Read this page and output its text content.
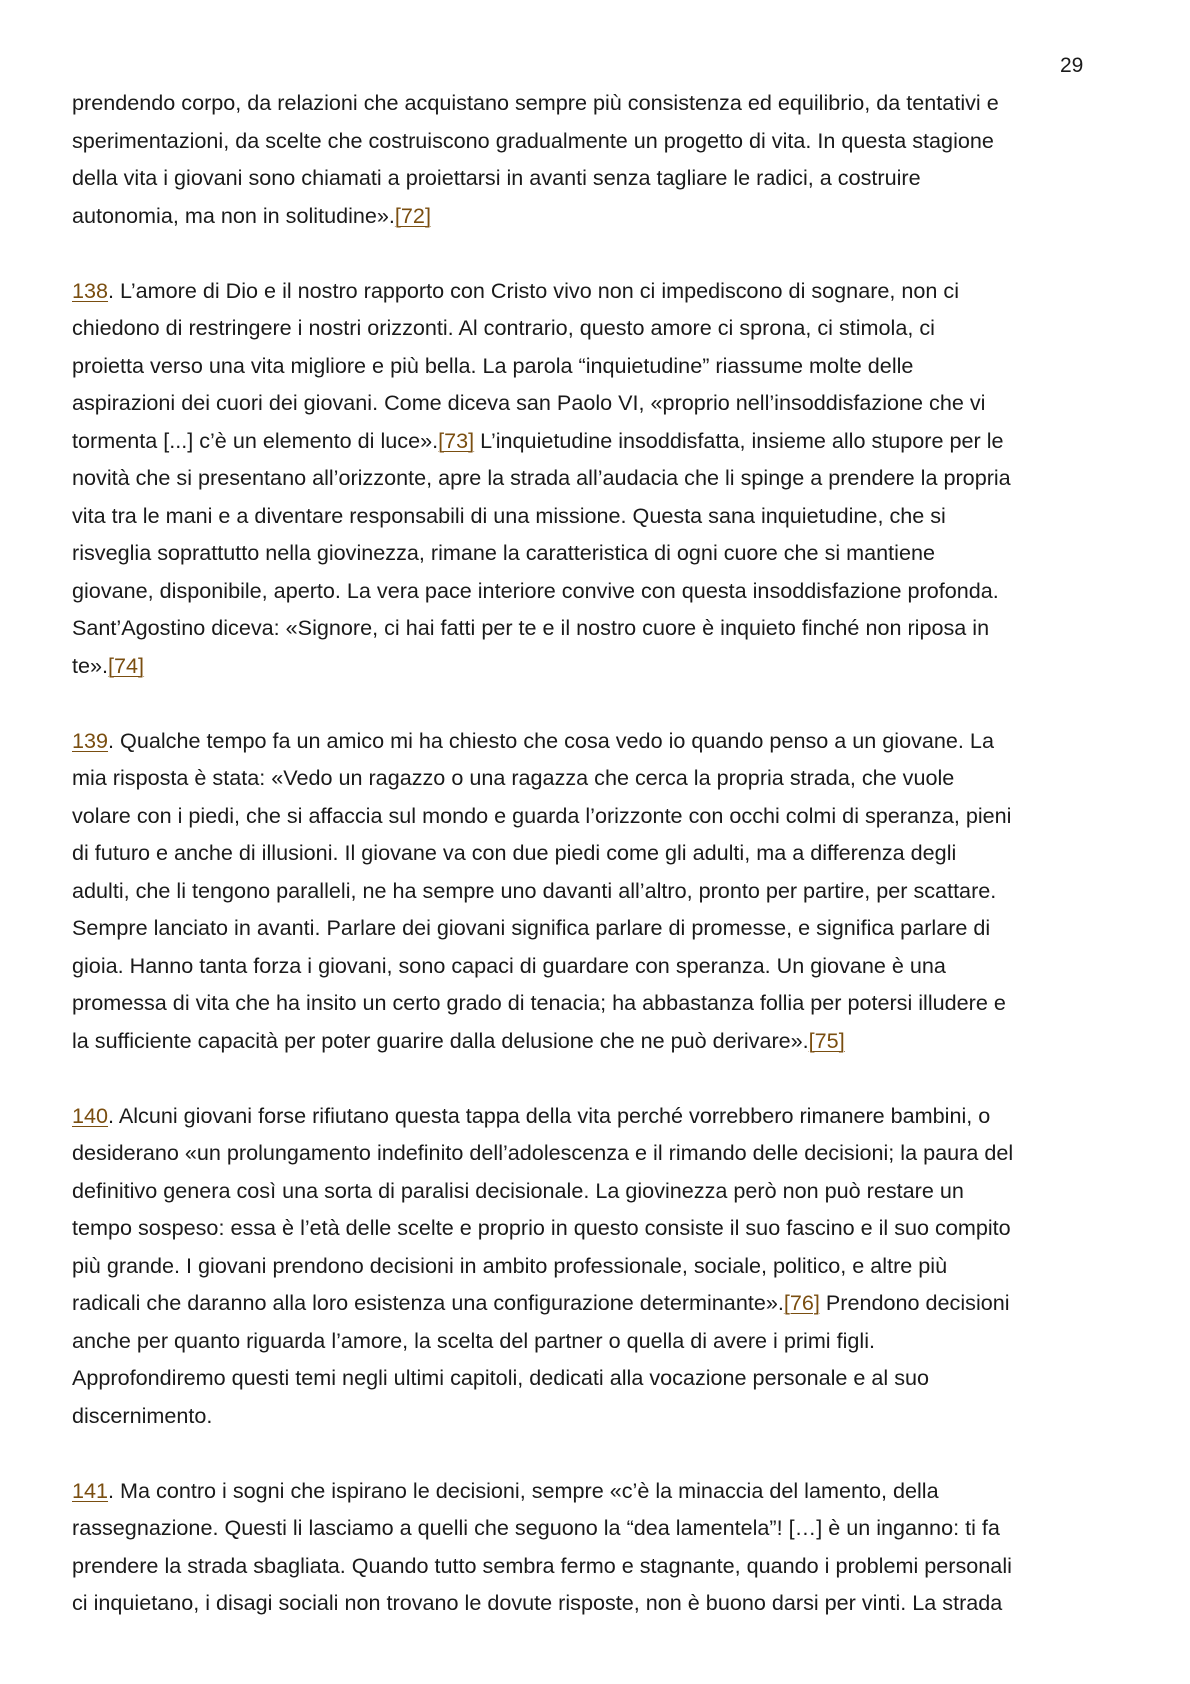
29

prendendo corpo, da relazioni che acquistano sempre più consistenza ed equilibrio, da tentativi e
sperimentazioni, da scelte che costruiscono gradualmente un progetto di vita. In questa stagione
della vita i giovani sono chiamati a proiettarsi in avanti senza tagliare le radici, a costruire
autonomia, ma non in solitudine».[72]

138. L’amore di Dio e il nostro rapporto con Cristo vivo non ci impediscono di sognare, non ci
chiedono di restringere i nostri orizzonti. Al contrario, questo amore ci sprona, ci stimola, ci
proietta verso una vita migliore e più bella. La parola “inquietudine” riassume molte delle
aspirazioni dei cuori dei giovani. Come diceva san Paolo VI, «proprio nell’insoddisfazione che vi
tormenta [...] c’è un elemento di luce».[73] L’inquietudine insoddisfatta, insieme allo stupore per le
novità che si presentano all’orizzonte, apre la strada all’audacia che li spinge a prendere la propria
vita tra le mani e a diventare responsabili di una missione. Questa sana inquietudine, che si
risveglia soprattutto nella giovinezza, rimane la caratteristica di ogni cuore che si mantiene
giovane, disponibile, aperto. La vera pace interiore convive con questa insoddisfazione profonda.
Sant’Agostino diceva: «Signore, ci hai fatti per te e il nostro cuore è inquieto finché non riposa in
te».[74]

139. Qualche tempo fa un amico mi ha chiesto che cosa vedo io quando penso a un giovane. La
mia risposta è stata: «Vedo un ragazzo o una ragazza che cerca la propria strada, che vuole
volare con i piedi, che si affaccia sul mondo e guarda l’orizzonte con occhi colmi di speranza, pieni
di futuro e anche di illusioni. Il giovane va con due piedi come gli adulti, ma a differenza degli
adulti, che li tengono paralleli, ne ha sempre uno davanti all’altro, pronto per partire, per scattare.
Sempre lanciato in avanti. Parlare dei giovani significa parlare di promesse, e significa parlare di
gioia. Hanno tanta forza i giovani, sono capaci di guardare con speranza. Un giovane è una
promessa di vita che ha insito un certo grado di tenacia; ha abbastanza follia per potersi illudere e
la sufficiente capacità per poter guarire dalla delusione che ne può derivare».[75]

140. Alcuni giovani forse rifiutano questa tappa della vita perché vorrebbero rimanere bambini, o
desiderano «un prolungamento indefinito dell’adolescenza e il rimando delle decisioni; la paura del
definitivo genera così una sorta di paralisi decisionale. La giovinezza però non può restare un
tempo sospeso: essa è l’età delle scelte e proprio in questo consiste il suo fascino e il suo compito
più grande. I giovani prendono decisioni in ambito professionale, sociale, politico, e altre più
radicali che daranno alla loro esistenza una configurazione determinante».[76] Prendono decisioni
anche per quanto riguarda l’amore, la scelta del partner o quella di avere i primi figli.
Approfondiremo questi temi negli ultimi capitoli, dedicati alla vocazione personale e al suo
discernimento.

141. Ma contro i sogni che ispirano le decisioni, sempre «c’è la minaccia del lamento, della
rassegnazione. Questi li lasciamo a quelli che seguono la “dea lamentela”! […] è un inganno: ti fa
prendere la strada sbagliata. Quando tutto sembra fermo e stagnante, quando i problemi personali
ci inquietano, i disagi sociali non trovano le dovute risposte, non è buono darsi per vinti. La strada
